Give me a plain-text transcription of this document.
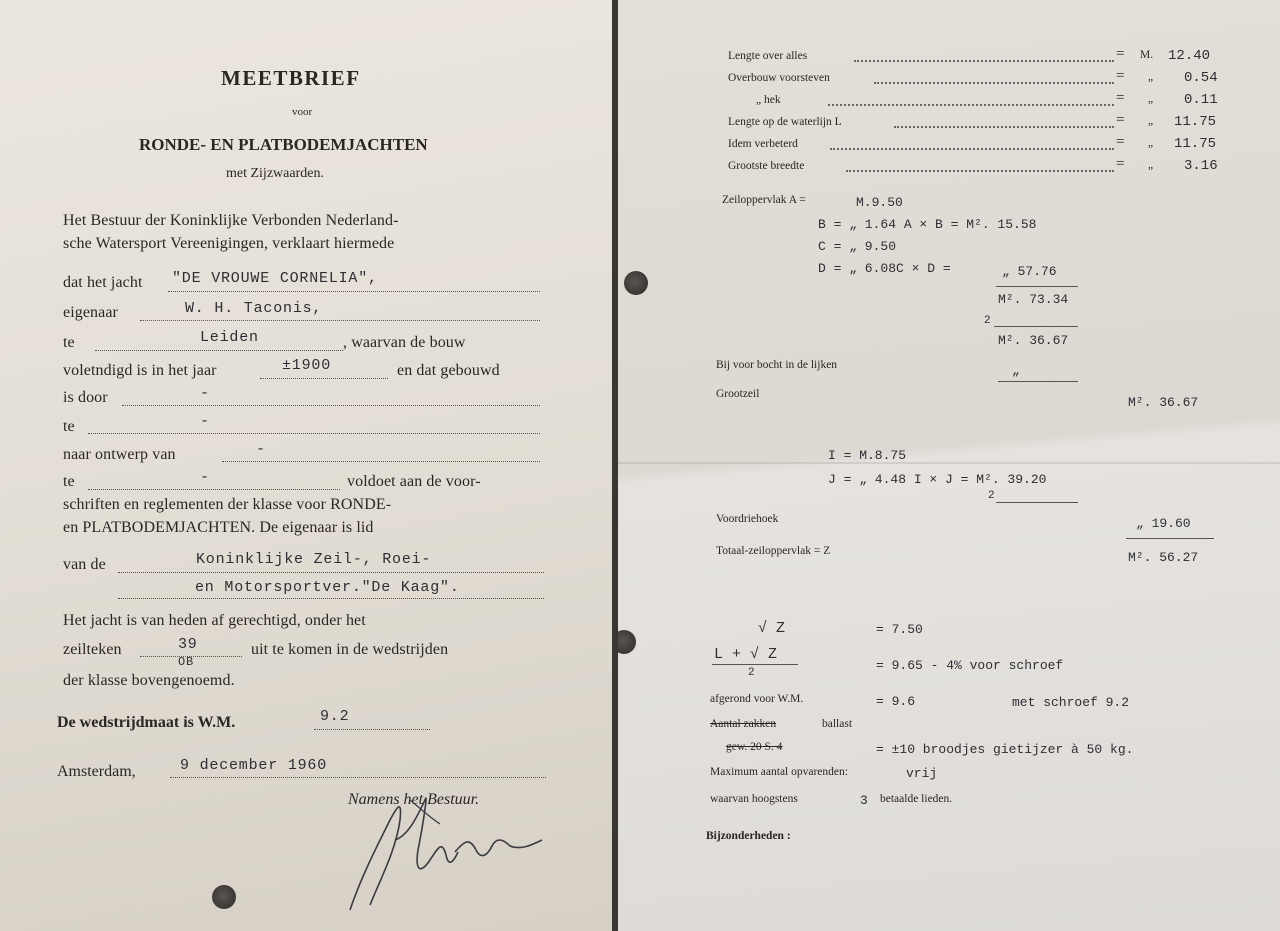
MEETBRIEF
voor
RONDE- EN PLATBODEMJACHTEN
met Zijzwaarden.
Het Bestuur der Koninklijke Verbonden Nederland-
sche Watersport Vereenigingen, verklaart hiermede
dat het jacht "DE VROUWE CORNELIA",
eigenaar	W. H. Taconis,
te	Leiden	, waarvan de bouw
voletndigd is in het jaar	±1900	en dat gebouwd
is door	-
te	-
naar ontwerp van	-
te	-	voldoet aan de voor-
schriften en reglementen der klasse voor RONDE-
en PLATBODEMJACHTEN. De eigenaar is lid
van de	Koninklijke Zeil-, Roei-
en Motorsportver."De Kaag".
Het jacht is van heden af gerechtigd, onder het
zeilteken	39
OB
uit te komen in de wedstrijden
der klasse bovengenoemd.
De wedstrijdmaat is W.M.	9.2
Amsterdam,	9 december 1960
Namens het Bestuur.
Lengte over alles	= M. 12.40
Overbouw voorsteven	= „ 0.54
„ hek	= „ 0.11
Lengte op de waterlijn L	= „ 11.75
Idem verbeterd	= „ 11.75
Grootste breedte	= „ 3.16
Zeiloppervlak A =	M.9.50
B = „ 1.64 A × B = M². 15.58
C = „ 9.50
D = „ 6.08C × D =	„ 57.76
M². 73.34
2
M². 36.67
Bij voor bocht in de lijken	„
Grootzeil
M². 36.67
I = M.8.75
J = „ 4.48 I × J = M². 39.20
2
Voordriehoek	„ 19.60
Totaal-zeiloppervlak = Z	M². 56.27
√ Z	= 7.50
L + √ Z
2	= 9.65 - 4% voor schroef
afgerond voor W.M.	= 9.6	met schroef 9.2
Aantal zakken	ballast
gew. 20 S. 4	= ±10 broodjes gietijzer à 50 kg.
Maximum aantal opvarenden:	vrij
waarvan hoogstens	3 betaalde lieden.
Bijzonderheden :
